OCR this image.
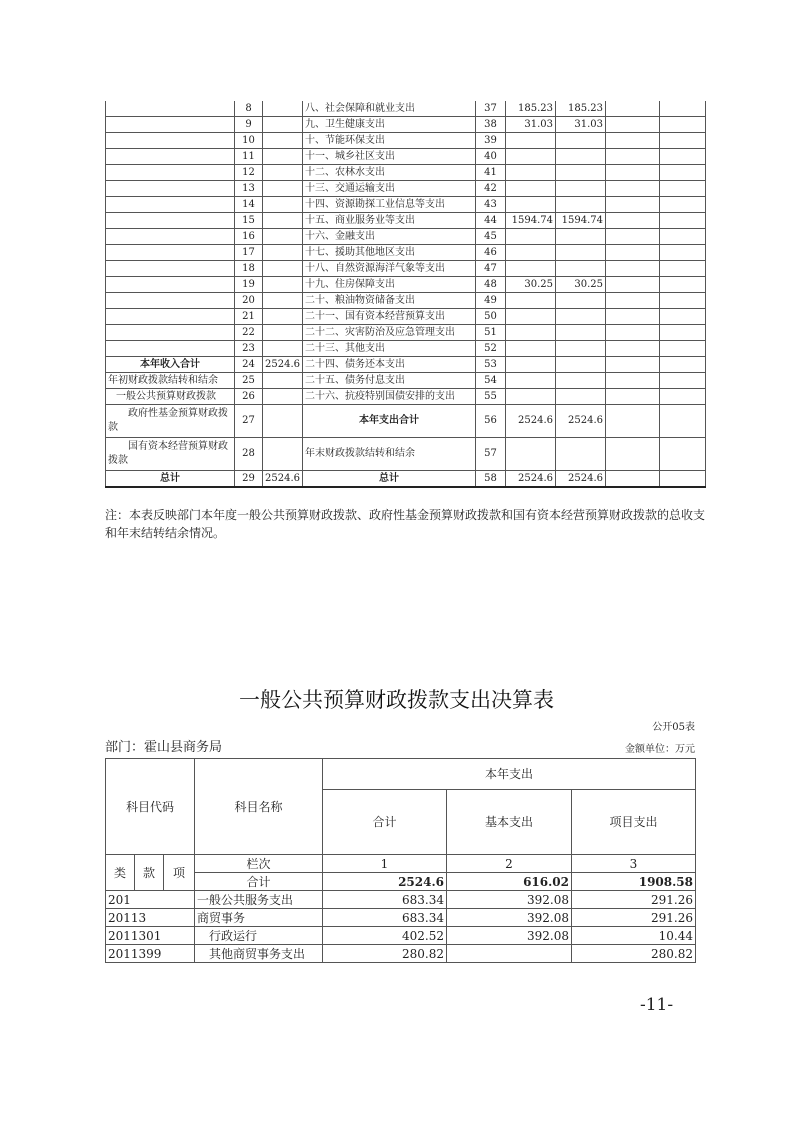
	8		八、社会保障和就业支出	37	185.23	185.23		
	9		九、卫生健康支出	38	31.03	31.03		
	10		十、节能环保支出	39				
	11		十一、城乡社区支出	40				
	12		十二、农林水支出	41				
	13		十三、交通运输支出	42				
	14		十四、资源勘探工业信息等支出	43				
	15		十五、商业服务业等支出	44	1594.74	1594.74		
	16		十六、金融支出	45				
	17		十七、援助其他地区支出	46				
	18		十八、自然资源海洋气象等支出	47				
	19		十九、住房保障支出	48	30.25	30.25		
	20		二十、粮油物资储备支出	49				
	21		二十一、国有资本经营预算支出	50				
	22		二十二、灾害防治及应急管理支出	51				
	23		二十三、其他支出	52				
本年收入合计	24	2524.6	二十四、债务还本支出	53				
年初财政拨款结转和结余	25		二十五、债务付息支出	54				
一般公共预算财政拨款	26		二十六、抗疫特别国债安排的支出	55				
政府性基金预算财政拨款	27		本年支出合计	56	2524.6	2524.6		
国有资本经营预算财政拨款	28		年末财政拨款结转和结余	57				
总计	29	2524.6	总计	58	2524.6	2524.6		
注：本表反映部门本年度一般公共预算财政拨款、政府性基金预算财政拨款和国有资本经营预算财政拨款的总收支和年末结转结余情况。
一般公共预算财政拨款支出决算表
公开05表
部门：霍山县商务局	金额单位：万元
科目代码			科目名称	本年支出		
				合计	基本支出	项目支出
类	款	项	栏次	1	2	3
			合计	2524.6	616.02	1908.58
201			一般公共服务支出	683.34	392.08	291.26
20113			商贸事务	683.34	392.08	291.26
2011301			行政运行	402.52	392.08	10.44
2011399			其他商贸事务支出	280.82		280.82
-11-
